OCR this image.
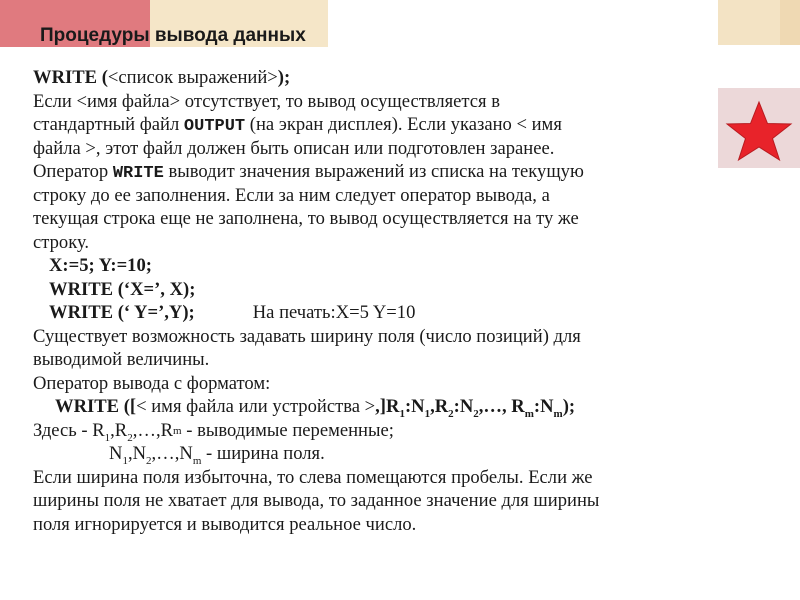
Процедуры вывода данных
WRITE (<список выражений>);
Если <имя файла> отсутствует, то вывод осуществляется в
стандартный файл OUTPUT (на экран дисплея). Если указано < имя
файла >, этот файл должен быть описан или подготовлен заранее.
Оператор WRITE выводит значения выражений из списка на текущую
строку до ее заполнения. Если за ним следует оператор вывода, а
текущая строка еще не заполнена, то вывод осуществляется на ту же
строку.
X:=5; Y:=10;
WRITE (‘X=’, X);
WRITE (‘ Y=’,Y);	На печать:X=5 Y=10
Существует возможность задавать ширину поля (число позиций) для
выводимой величины.
Оператор вывода с форматом:
WRITE ([< имя файла или устройства $>,]R_1:N_1,R_2:N_2,\dots$, $R_m:N_m$);
Здесь - $R_1,R_2,\dots,R_m$ - выводимые переменные;
$N_1,N_2,\dots,N_m$ - ширина поля.
Если ширина поля избыточна, то слева помещаются пробелы. Если же
ширины поля не хватает для вывода, то заданное значение для ширины
поля игнорируется и выводится реальное число.
